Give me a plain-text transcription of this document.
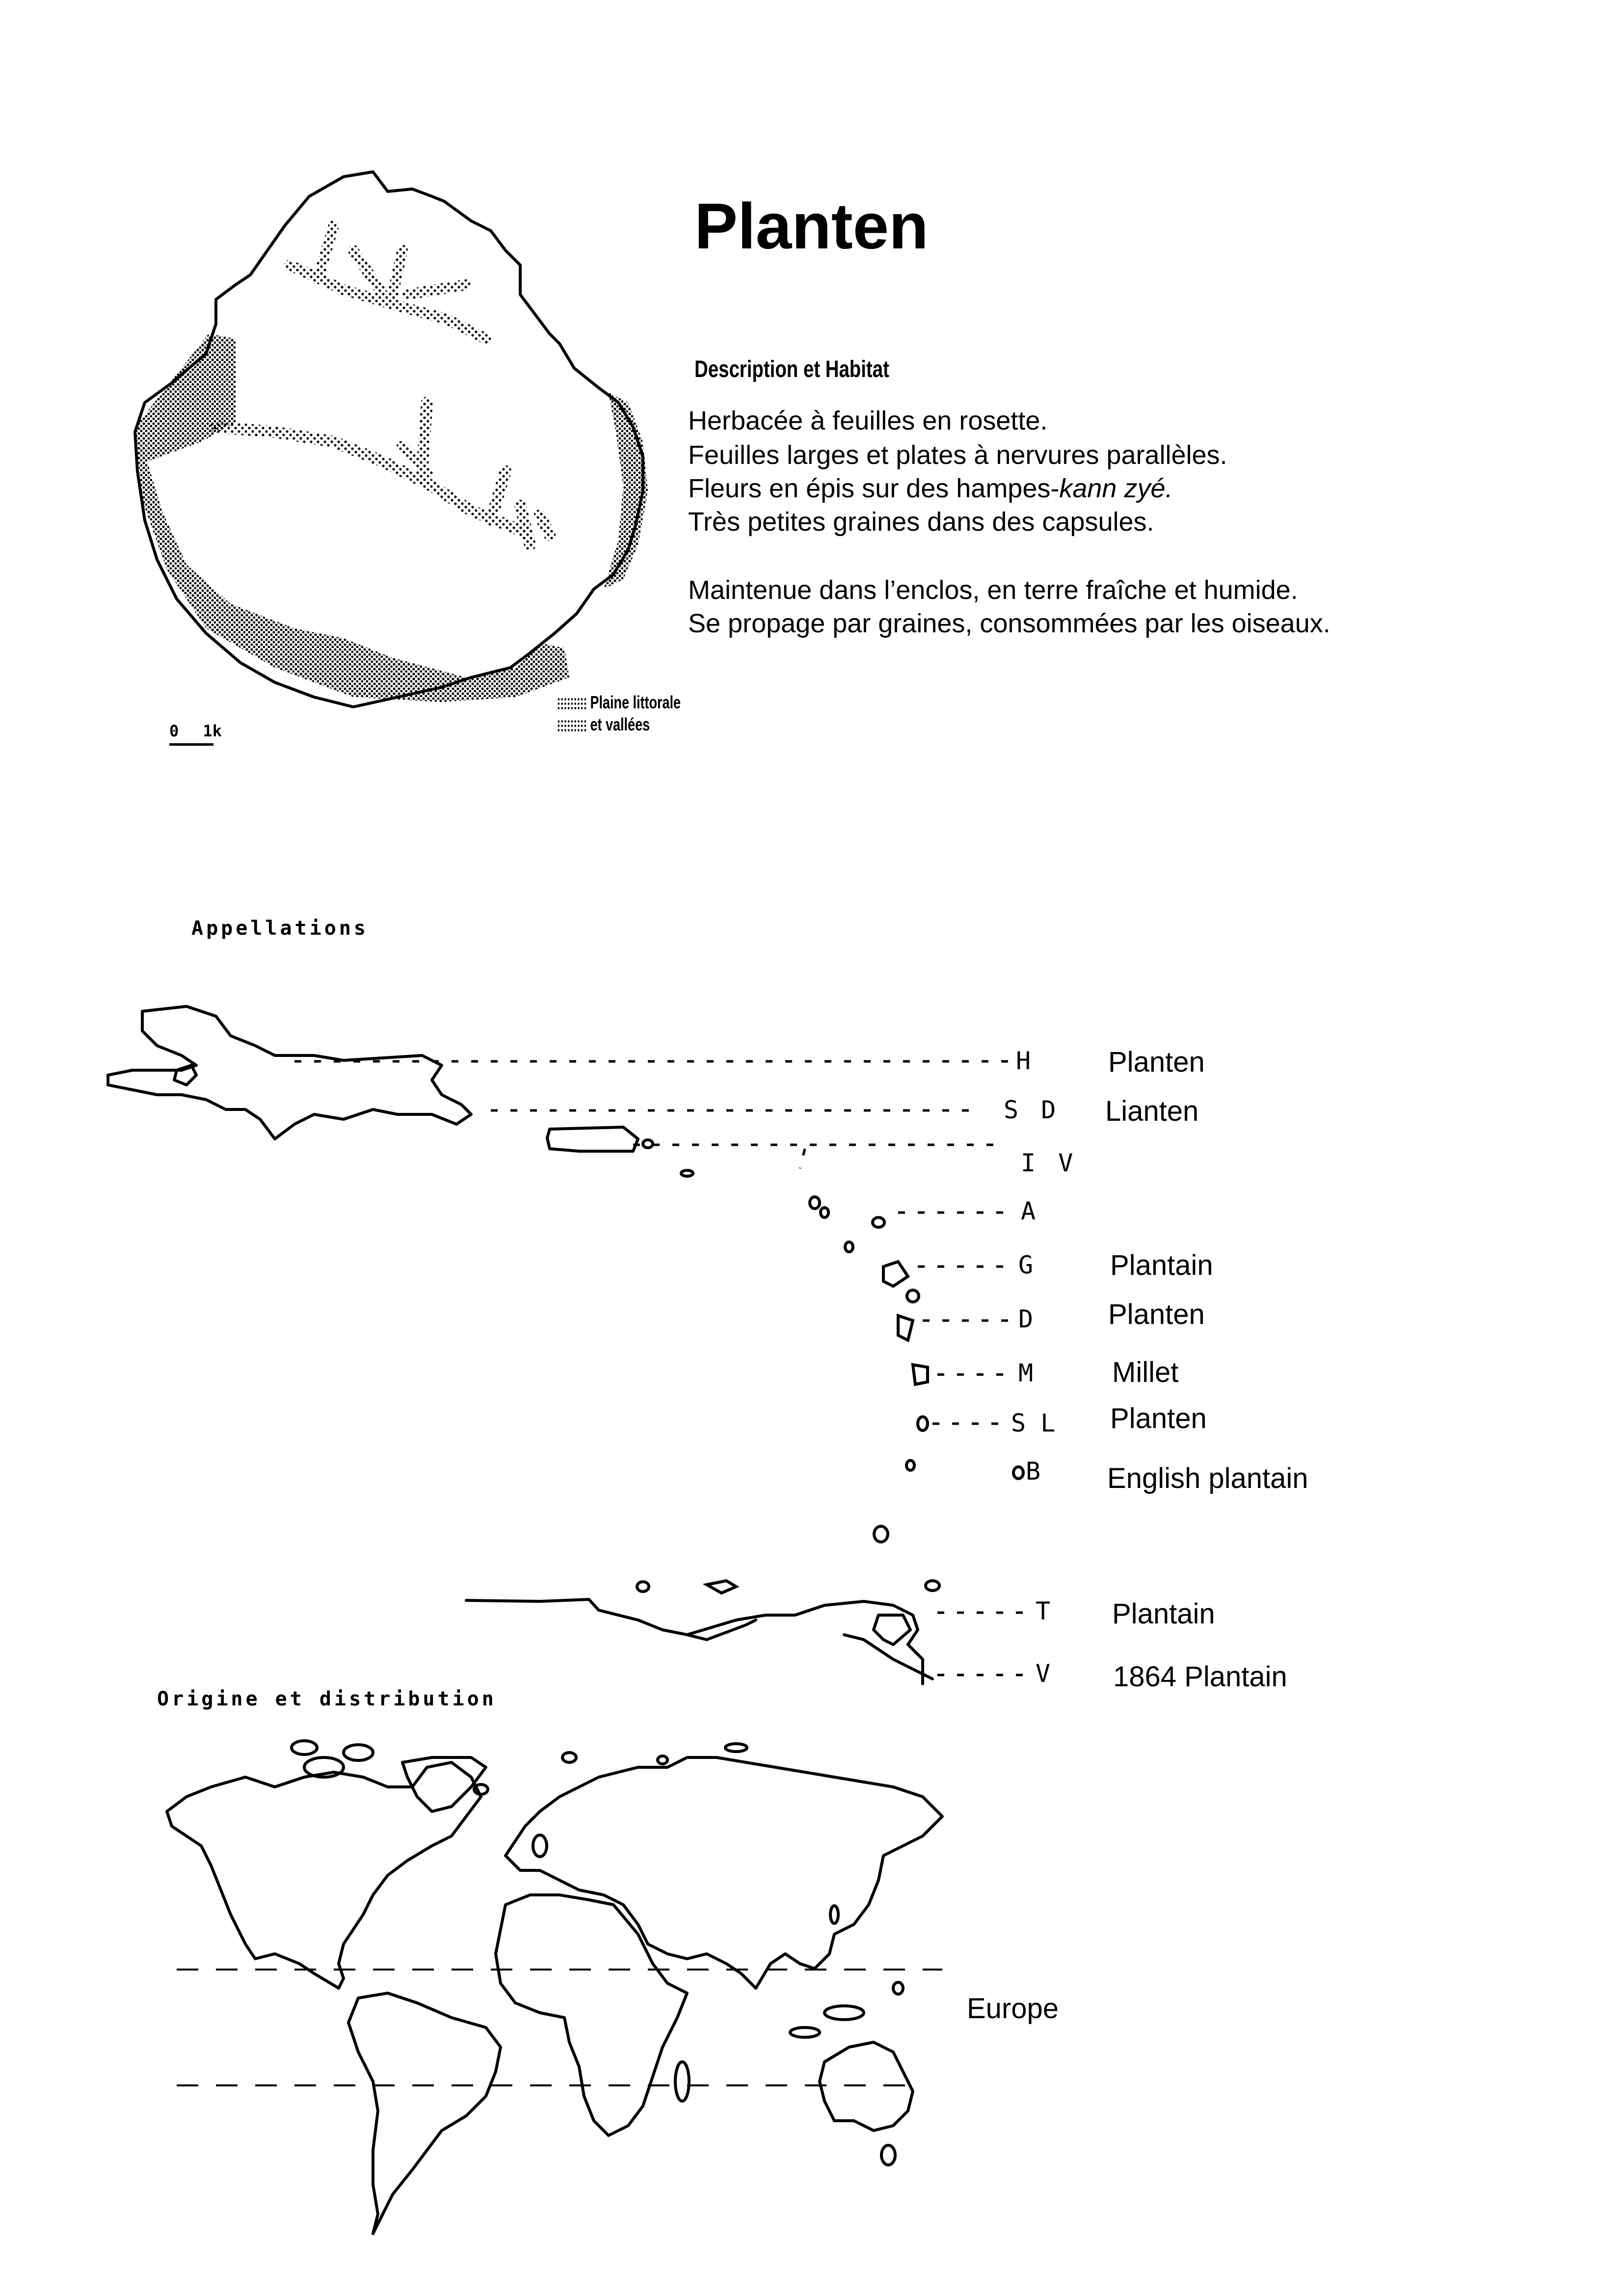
Plaine littorale
et vallées
0 1k
Planten
Description et Habitat
Herbacée à feuilles en rosette.
Feuilles larges et plates à nervures parallèles.
Fleurs en épis sur des hampes-kann zyé.
Très petites graines dans des capsules.
Maintenue dans l’enclos, en terre fraîche et humide.
Se propage par graines, consommées par les oiseaux.
Appellations
H
S D
I V
A
G
D
M
S L
B
T
V
Planten
Lianten
Plantain
Planten
Millet
Planten
English plantain
Plantain
1864 Plantain
Origine et distribution
Europe
